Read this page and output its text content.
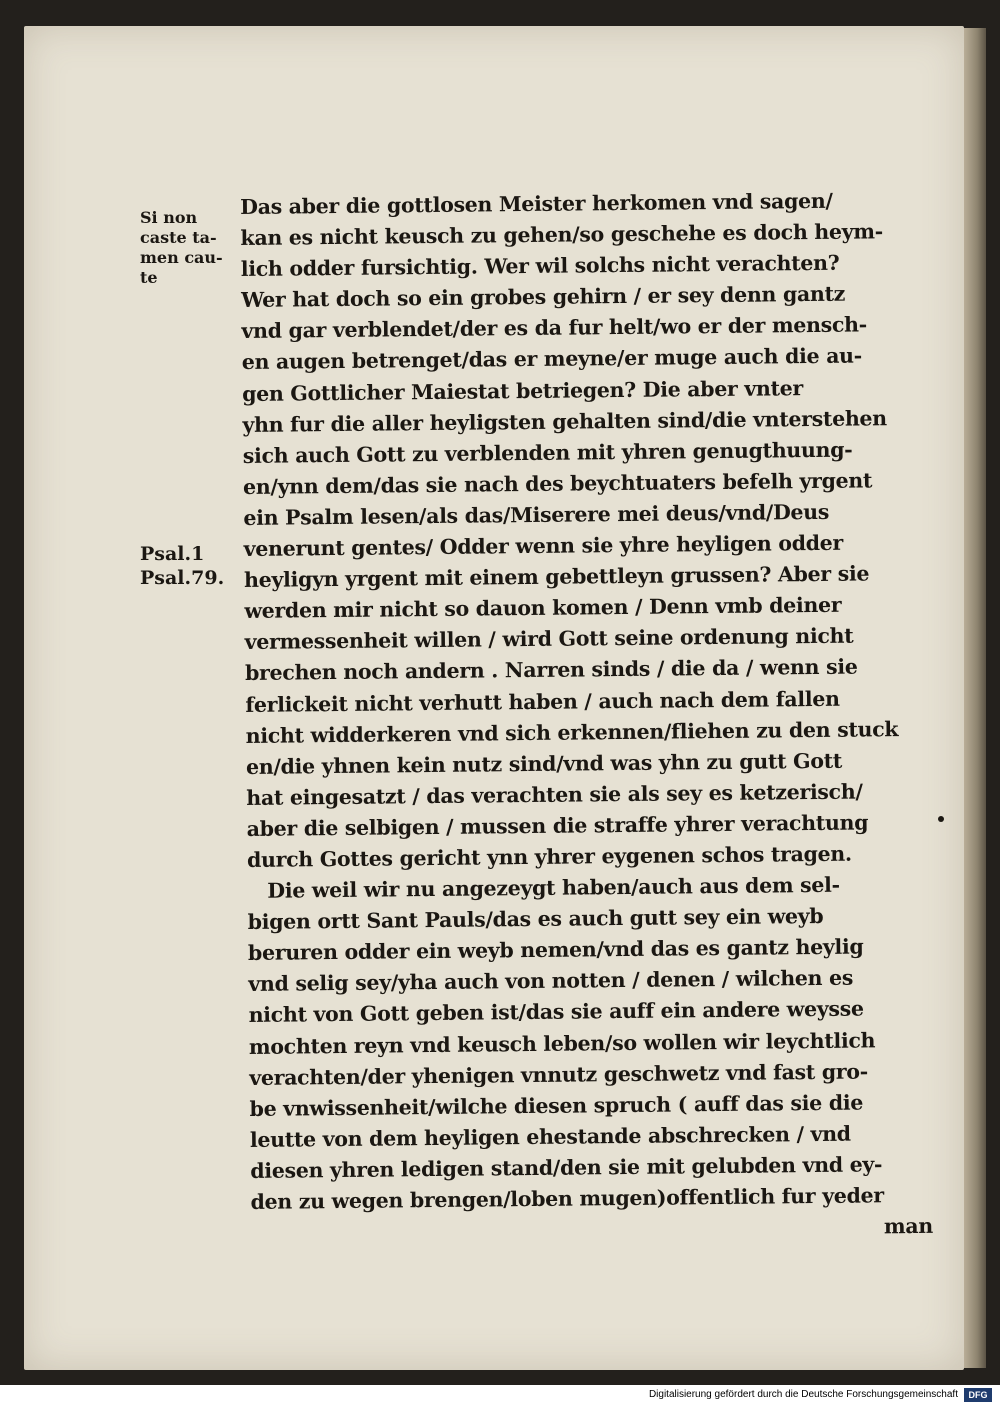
Si non
caste ta-
men cau-
te
Psal.1
Psal.79.
Das aber die gottlosen Meister herkomen vnd sagen/
kan es nicht keusch zu gehen/so geschehe es doch heym-
lich odder fursichtig. Wer wil solchs nicht verachten?
Wer hat doch so ein grobes gehirn / er sey denn gantz
vnd gar verblendet/der es da fur helt/wo er der mensch-
en augen betrenget/das er meyne/er muge auch die au-
gen Gottlicher Maiestat betriegen? Die aber vnter
yhn fur die aller heyligsten gehalten sind/die vnterstehen
sich auch Gott zu verblenden mit yhren genugthuung-
en/ynn dem/das sie nach des beychtuaters befelh yrgent
ein Psalm lesen/als das/Miserere mei deus/vnd/Deus
venerunt gentes/ Odder wenn sie yhre heyligen odder
heyligyn yrgent mit einem gebettleyn grussen? Aber sie
werden mir nicht so dauon komen / Denn vmb deiner
vermessenheit willen / wird Gott seine ordenung nicht
brechen noch andern . Narren sinds / die da / wenn sie
ferlickeit nicht verhutt haben / auch nach dem fallen
nicht widderkeren vnd sich erkennen/fliehen zu den stuck
en/die yhnen kein nutz sind/vnd was yhn zu gutt Gott
hat eingesatzt / das verachten sie als sey es ketzerisch/
aber die selbigen / mussen die straffe yhrer verachtung
durch Gottes gericht ynn yhrer eygenen schos tragen.
Die weil wir nu angezeygt haben/auch aus dem sel-
bigen ortt Sant Pauls/das es auch gutt sey ein weyb
beruren odder ein weyb nemen/vnd das es gantz heylig
vnd selig sey/yha auch von notten / denen / wilchen es
nicht von Gott geben ist/das sie auff ein andere weysse
mochten reyn vnd keusch leben/so wollen wir leychtlich
verachten/der yhenigen vnnutz geschwetz vnd fast gro-
be vnwissenheit/wilche diesen spruch ( auff das sie die
leutte von dem heyligen ehestande abschrecken / vnd
diesen yhren ledigen stand/den sie mit gelubden vnd ey-
den zu wegen brengen/loben mugen)offentlich fur yeder
man
Digitalisierung gefördert durch die Deutsche Forschungsgemeinschaft	DFG
